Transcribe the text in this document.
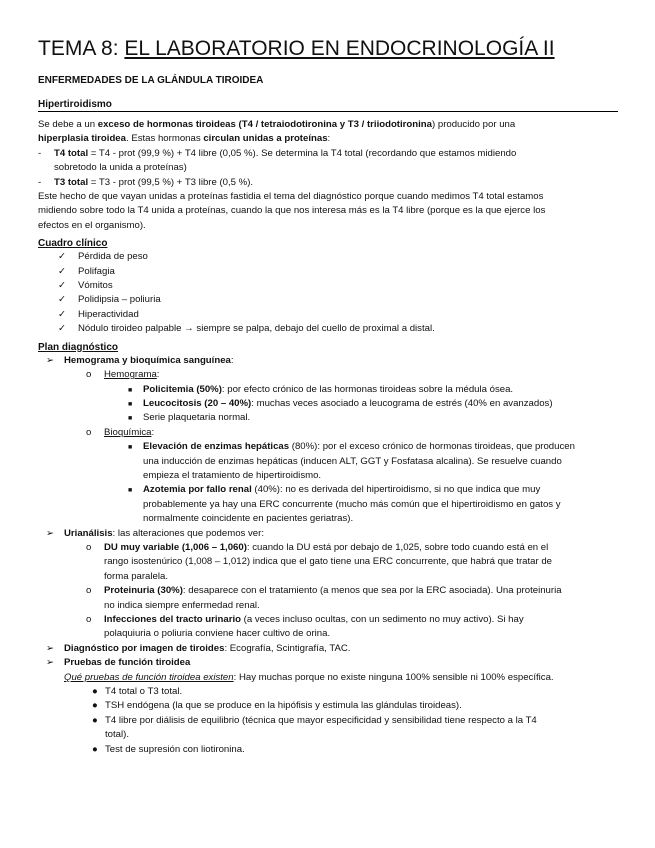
TEMA 8: EL LABORATORIO EN ENDOCRINOLOGÍA II
ENFERMEDADES DE LA GLÁNDULA TIROIDEA
Hipertiroidismo
Se debe a un exceso de hormonas tiroideas (T4 / tetraiodotironina y T3 / triiodotironina) producido por una
hiperplasia tiroidea. Estas hormonas circulan unidas a proteínas:
- T4 total = T4 - prot (99,9 %) + T4 libre (0,05 %). Se determina la T4 total (recordando que estamos midiendo
sobretodo la unida a proteínas)
- T3 total = T3 - prot (99,5 %) + T3 libre (0,5 %).
Este hecho de que vayan unidas a proteínas fastidia el tema del diagnóstico porque cuando medimos T4 total estamos
midiendo sobre todo la T4 unida a proteínas, cuando la que nos interesa más es la T4 libre (porque es la que ejerce los
efectos en el organismo).
Cuadro clínico
✓ Pérdida de peso
✓ Polifagia
✓ Vómitos
✓ Polidipsia – poliuria
✓ Hiperactividad
✓ Nódulo tiroideo palpable → siempre se palpa, debajo del cuello de proximal a distal.
Plan diagnóstico
➢ Hemograma y bioquímica sanguínea:
o Hemograma:
■ Policitemia (50%): por efecto crónico de las hormonas tiroideas sobre la médula ósea.
■ Leucocitosis (20 – 40%): muchas veces asociado a leucograma de estrés (40% en avanzados)
■ Serie plaquetaria normal.
o Bioquímica:
■ Elevación de enzimas hepáticas (80%): por el exceso crónico de hormonas tiroideas, que producen
una inducción de enzimas hepáticas (inducen ALT, GGT y Fosfatasa alcalina). Se resuelve cuando
empieza el tratamiento de hipertiroidismo.
■ Azotemia por fallo renal (40%): no es derivada del hipertiroidismo, si no que indica que muy
probablemente ya hay una ERC concurrente (mucho más común que el hipertiroidismo en gatos y
normalmente coincidente en pacientes geriatras).
➢ Urianálisis: las alteraciones que podemos ver:
o DU muy variable (1,006 – 1,060): cuando la DU está por debajo de 1,025, sobre todo cuando está en el
rango isostenúrico (1,008 – 1,012) indica que el gato tiene una ERC concurrente, que habrá que tratar de
forma paralela.
o Proteinuria (30%): desaparece con el tratamiento (a menos que sea por la ERC asociada). Una proteinuria
no indica siempre enfermedad renal.
o Infecciones del tracto urinario (a veces incluso ocultas, con un sedimento no muy activo). Si hay
polaquiuria o poliuria conviene hacer cultivo de orina.
➢ Diagnóstico por imagen de tiroides: Ecografía, Scintigrafía, TAC.
➢ Pruebas de función tiroidea
Qué pruebas de función tiroidea existen: Hay muchas porque no existe ninguna 100% sensible ni 100% específica.
● T4 total o T3 total.
● TSH endógena (la que se produce en la hipófisis y estimula las glándulas tiroideas).
● T4 libre por diálisis de equilibrio (técnica que mayor especificidad y sensibilidad tiene respecto a la T4
total).
● Test de supresión con liotironina.
